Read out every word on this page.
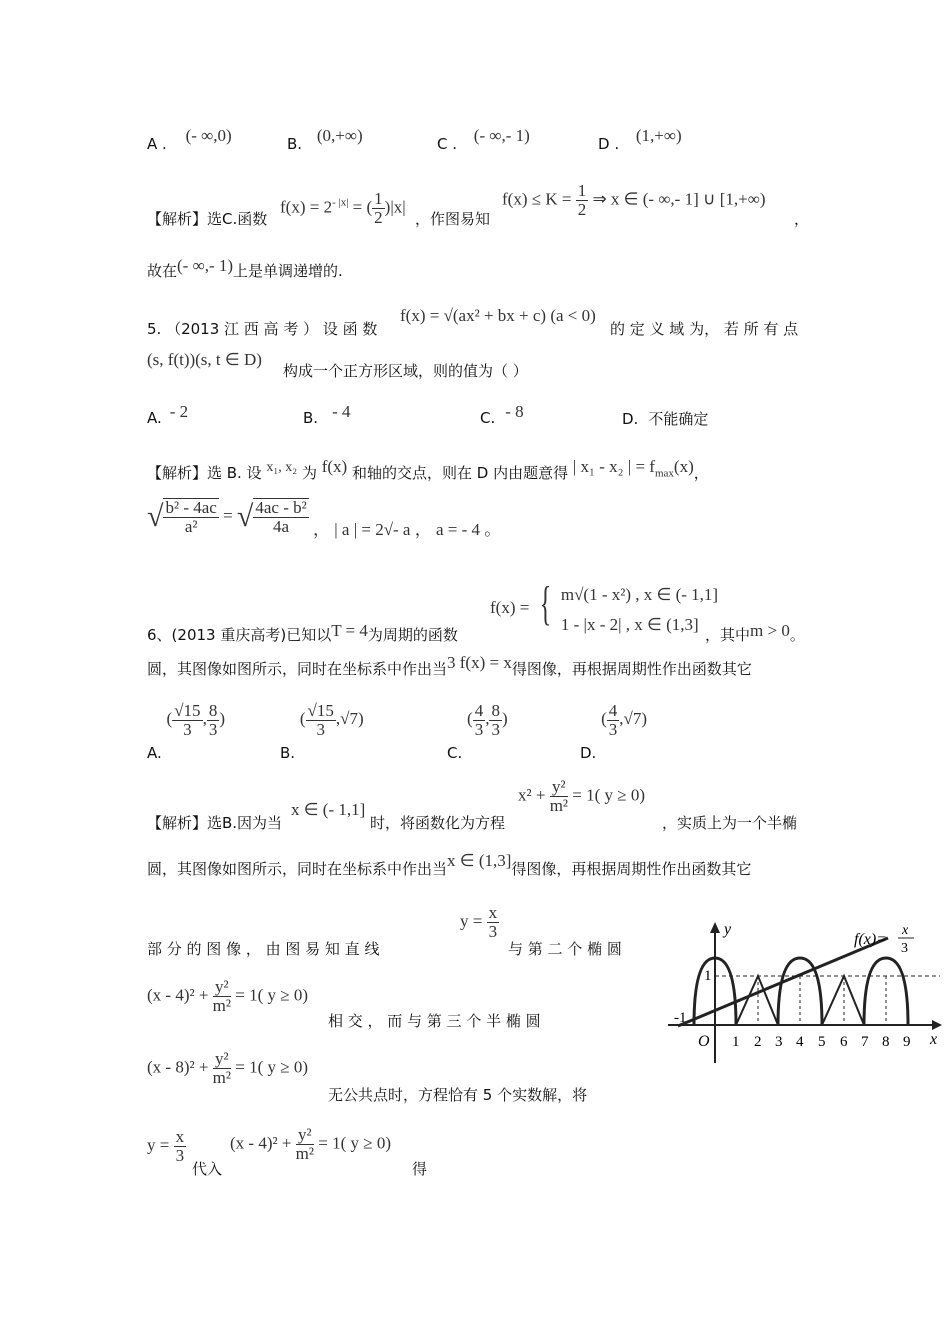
A . (- ∞,0)	B. (0,+∞)	C . (- ∞,- 1)	D . (1,+∞)
【解析】选C.函数
$f(x) = 2^{- |x|}$ = ( $\frac{1}{2} )|x|$
，作图易知
$f(x) \le K = \frac{1}{2}$ ⇒ x ∈ (- ∞,- 1] ∪ [1,+∞)
，
故在(- ∞,- 1)上是单调递增的.
5. （2013 江 西 高 考 ） 设 函 数
f(x) = √(ax² + bx + c) (a < 0)
的 定 义 域 为， 若 所 有 点
(s, f(t))(s, t ∈ D)
构成一个正方形区域，则的值为（ ）
A. - 2	B. - 4	C. - 8	D. 不能确定
【解析】选 B. 设 x₁, x₂ 为 f(x) 和轴的交点，则在 D 内由题意得 | x₁ - x₂ | = $f_{max}(x)$，
√ $\frac{\text{b² - 4ac}}{\text{a²}}$ = √ $\frac{\text{4ac - b²}}{4a}$ ， | a | = 2√- a ， a = - 4 。
f(x) = { m√(1 - x²) , x ∈ (- 1,1]
1 - |x - 2| , x ∈ (1,3]
6、(2013 重庆高考)已知以T = 4为周期的函数	，其中m > 0。
圆，其图像如图所示，同时在坐标系中作出当3 f(x) = x得图像，再根据周期性作出函数其它
A. ( $\frac{√15}{3}$ , $\frac{8}{3}$ )
B. ( $\frac{√15}{3} ,√7$)
C. ( $\frac{4}{3}$ , $\frac{8}{3}$ )
D. ( $\frac{4}{3} ,√7$)
【解析】选B.因为当
x ∈ (- 1,1]
时，将函数化为方程
$x^2 + \frac{\text{y²}}{\text{m²}} = 1$( y ≥ 0)
，实质上为一个半椭
圆，其图像如图所示，同时在坐标系中作出当x ∈ (1,3]得图像，再根据周期性作出函数其它
部 分 的 图 像 ， 由 图 易 知 直 线
$y = \frac{x}{3}$
与 第 二 个 椭 圆
$(x - 4)^2 + \frac{\text{y²}}{\text{m²}} = 1$( y ≥ 0)
相 交 ， 而 与 第 三 个 半 椭 圆
$(x - 8)^2 + \frac{\text{y²}}{\text{m²}} = 1$( y ≥ 0)
无公共点时，方程恰有 5 个实数解，将
$y = \frac{x}{3}$
代入
$(x - 4)^2 + \frac{\text{y²}}{\text{m²}} = 1$( y ≥ 0)
得
y
x
O
1
-1
1 2 3 4 5 6 7 8 9
f(x)=
x
3
